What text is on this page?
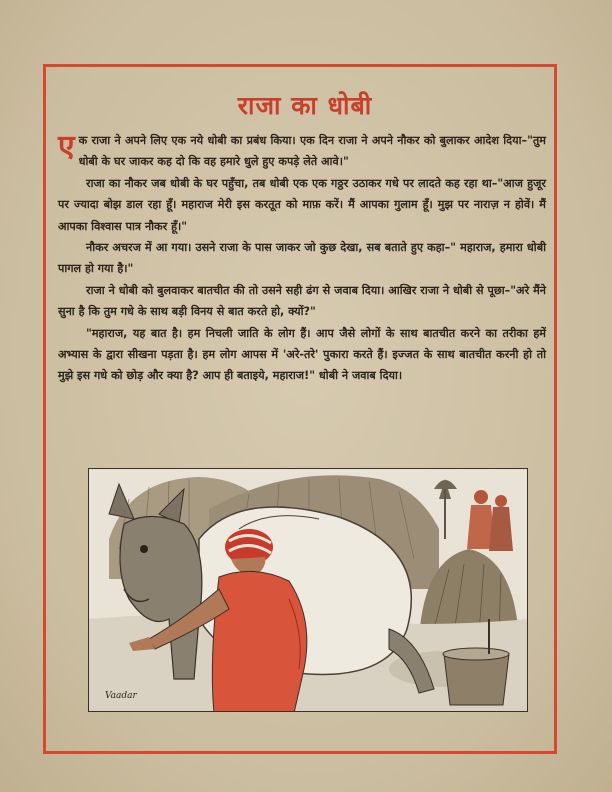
राजा का धोबी

एक राजा ने अपने लिए एक नये धोबी का प्रबंध किया। एक दिन राजा ने अपने नौकर को बुलाकर आदेश दिया–"तुम धोबी के घर जाकर कह दो कि वह हमारे धुले हुए कपड़े लेते आवे।"

राजा का नौकर जब धोबी के घर पहुँचा, तब धोबी एक एक गठ्ठर उठाकर गधे पर लादते कह रहा था–"आज हुजूर पर ज्यादा बोझ डाल रहा हूँ। महाराज मेरी इस करतूत को माफ़ करें। मैं आपका गुलाम हूँ। मुझ पर नाराज़ न होवें। मैं आपका विश्वास पात्र नौकर हूँ।"

नौकर अचरज में आ गया। उसने राजा के पास जाकर जो कुछ देखा, सब बताते हुए कहा–" महाराज, हमारा धोबी पागल हो गया है।"

राजा ने धोबी को बुलवाकर बातचीत की तो उसने सही ढंग से जवाब दिया। आखिर राजा ने धोबी से पूछा–"अरे मैंने सुना है कि तुम गधे के साथ बड़ी विनय से बात करते हो, क्यों?"

"महाराज, यह बात है। हम निचली जाति के लोग हैं। आप जैसे लोगों के साथ बातचीत करने का तरीका हमें अभ्यास के द्वारा सीखना पड़ता है। हम लोग आपस में 'अरे-तरे' पुकारा करते हैं। इज्जत के साथ बातचीत करनी हो तो मुझे इस गधे को छोड़ और क्या है? आप ही बताइये, महाराज!" धोबी ने जवाब दिया।

Vaadar
